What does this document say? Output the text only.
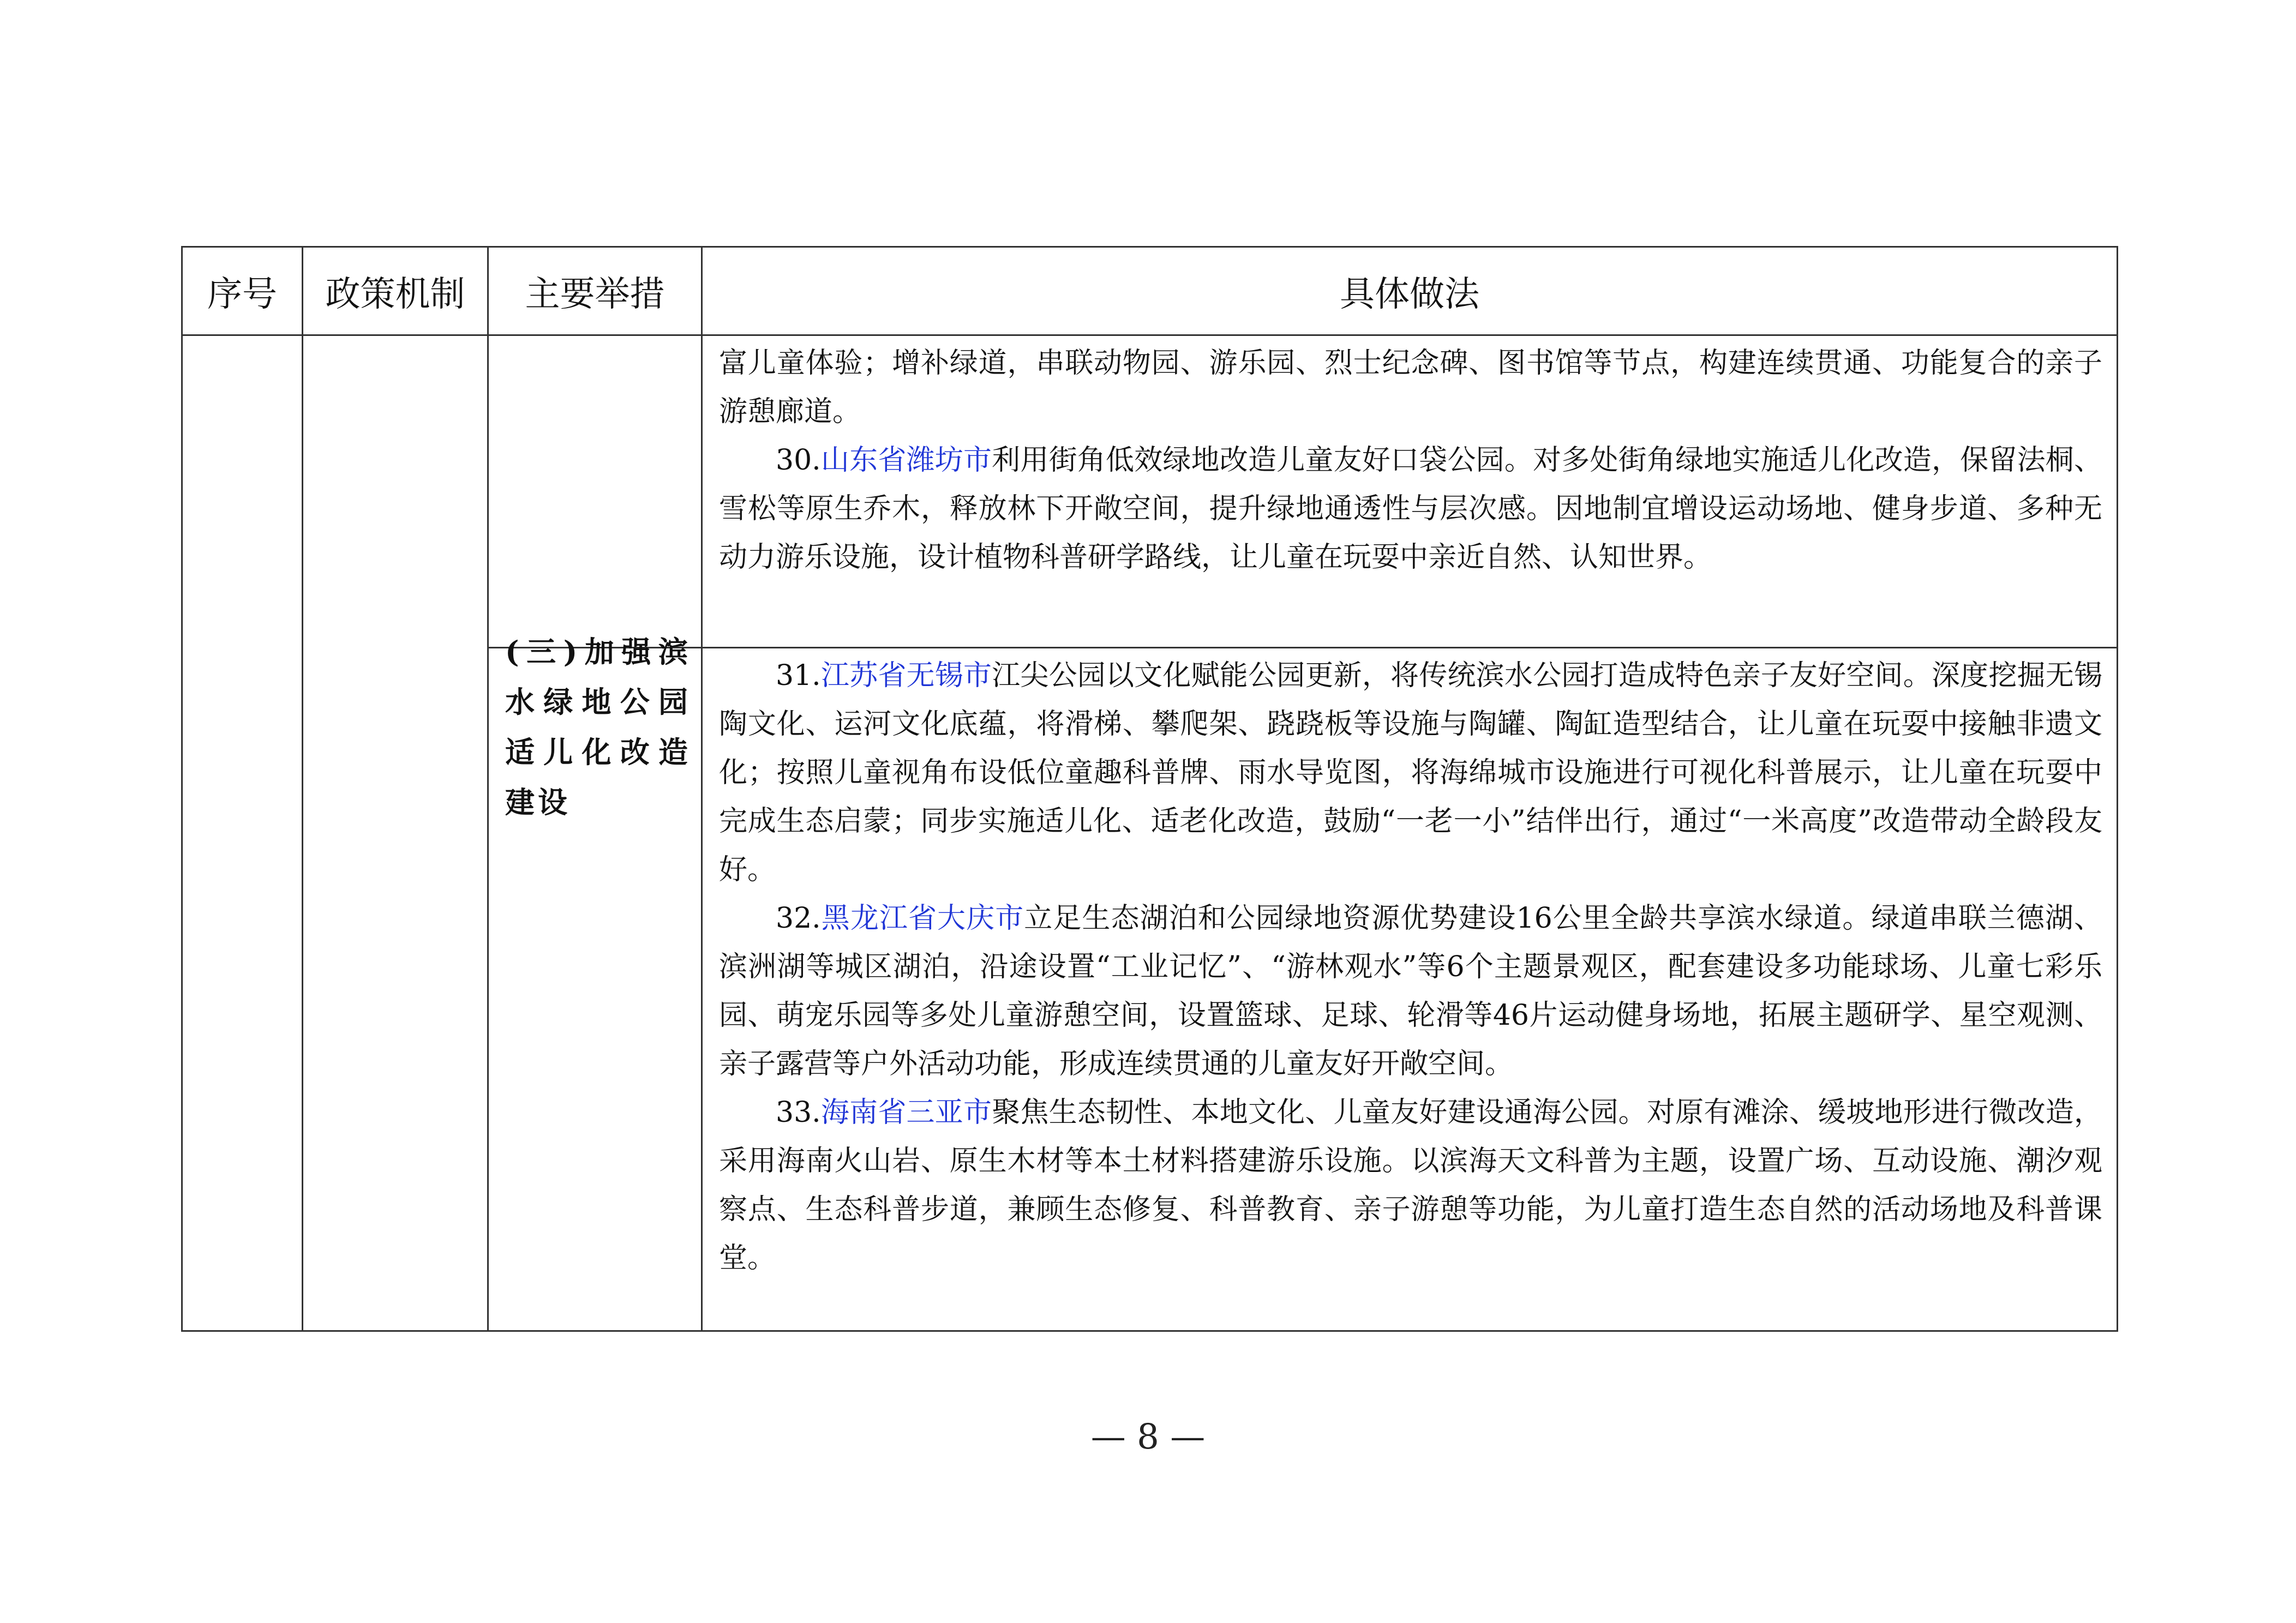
序号	政策机制	主要举措	具体做法

			富儿童体验；增补绿道，串联动物园、游乐园、烈士纪念碑、图书馆等节点，构建连续贯通、功能复合的亲子游憩廊道。

30.山东省潍坊市利用街角低效绿地改造儿童友好口袋公园。对多处街角绿地实施适儿化改造，保留法桐、雪松等原生乔木，释放林下开敞空间，提升绿地通透性与层次感。因地制宜增设运动场地、健身步道、多种无动力游乐设施，设计植物科普研学路线，让儿童在玩耍中亲近自然、认知世界。

		(三)加强滨水绿地公园适儿化改造建设	31.江苏省无锡市江尖公园以文化赋能公园更新，将传统滨水公园打造成特色亲子友好空间。深度挖掘无锡陶文化、运河文化底蕴，将滑梯、攀爬架、跷跷板等设施与陶罐、陶缸造型结合，让儿童在玩耍中接触非遗文化；按照儿童视角布设低位童趣科普牌、雨水导览图，将海绵城市设施进行可视化科普展示，让儿童在玩耍中完成生态启蒙；同步实施适儿化、适老化改造，鼓励“一老一小”结伴出行，通过“一米高度”改造带动全龄段友好。

32.黑龙江省大庆市立足生态湖泊和公园绿地资源优势建设16公里全龄共享滨水绿道。绿道串联兰德湖、滨洲湖等城区湖泊，沿途设置“工业记忆”、“游林观水”等6个主题景观区，配套建设多功能球场、儿童七彩乐园、萌宠乐园等多处儿童游憩空间，设置篮球、足球、轮滑等46片运动健身场地，拓展主题研学、星空观测、亲子露营等户外活动功能，形成连续贯通的儿童友好开敞空间。

33.海南省三亚市聚焦生态韧性、本地文化、儿童友好建设通海公园。对原有滩涂、缓坡地形进行微改造，采用海南火山岩、原生木材等本土材料搭建游乐设施。以滨海天文科普为主题，设置广场、互动设施、潮汐观察点、生态科普步道，兼顾生态修复、科普教育、亲子游憩等功能，为儿童打造生态自然的活动场地及科普课堂。

— 8 —
